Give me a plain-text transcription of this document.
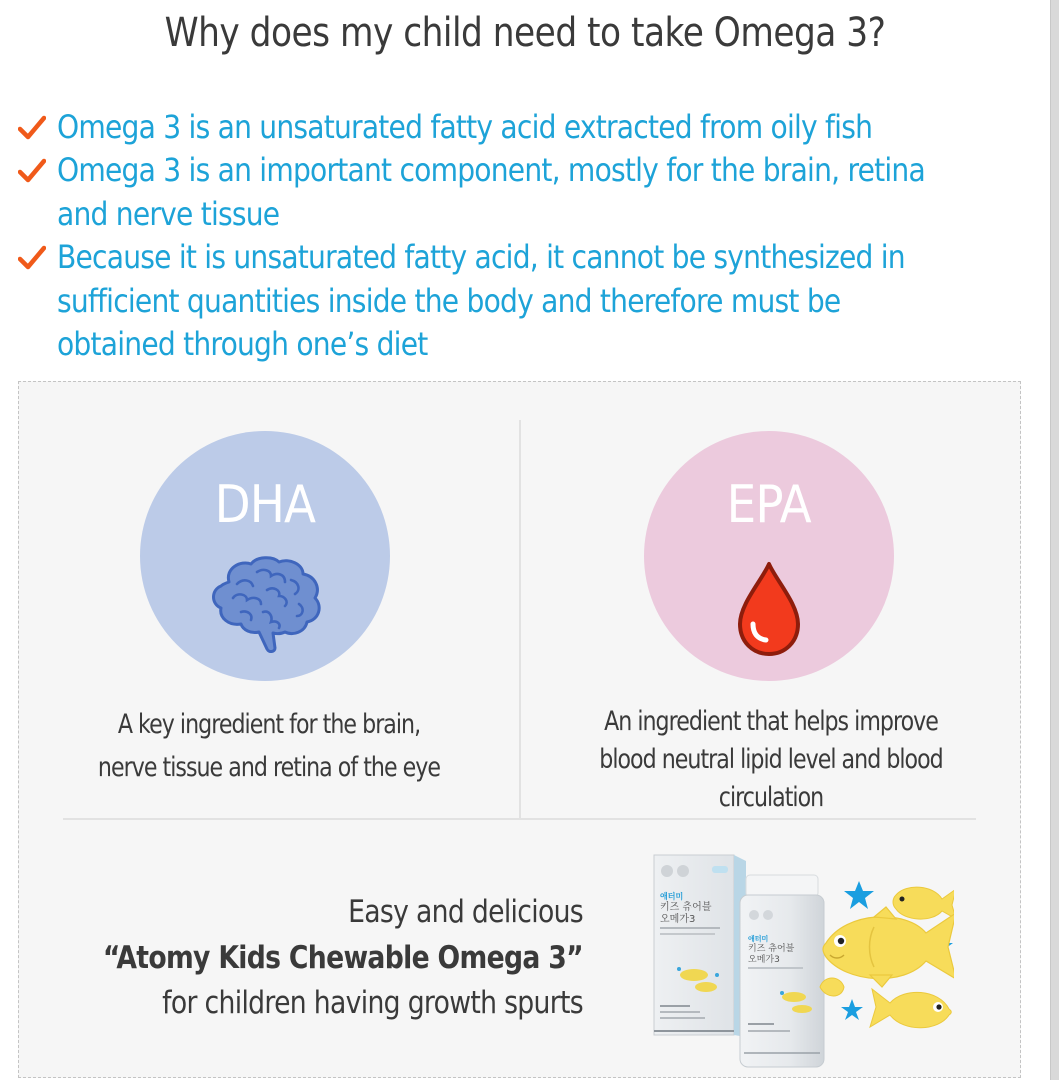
Why does my child need to take Omega 3?
Omega 3 is an unsaturated fatty acid extracted from oily fish
Omega 3 is an important component, mostly for the brain, retina
and nerve tissue
Because it is unsaturated fatty acid, it cannot be synthesized in
sufficient quantities inside the body and therefore must be
obtained through one’s diet
DHA	EPA
A key ingredient for the brain,
nerve tissue and retina of the eye
An ingredient that helps improve
blood neutral lipid level and blood
circulation
Easy and delicious
“Atomy Kids Chewable Omega 3”
for children having growth spurts
애터미
키즈 츄어블
오메가3
애터미
키즈 츄어블
오메가3
